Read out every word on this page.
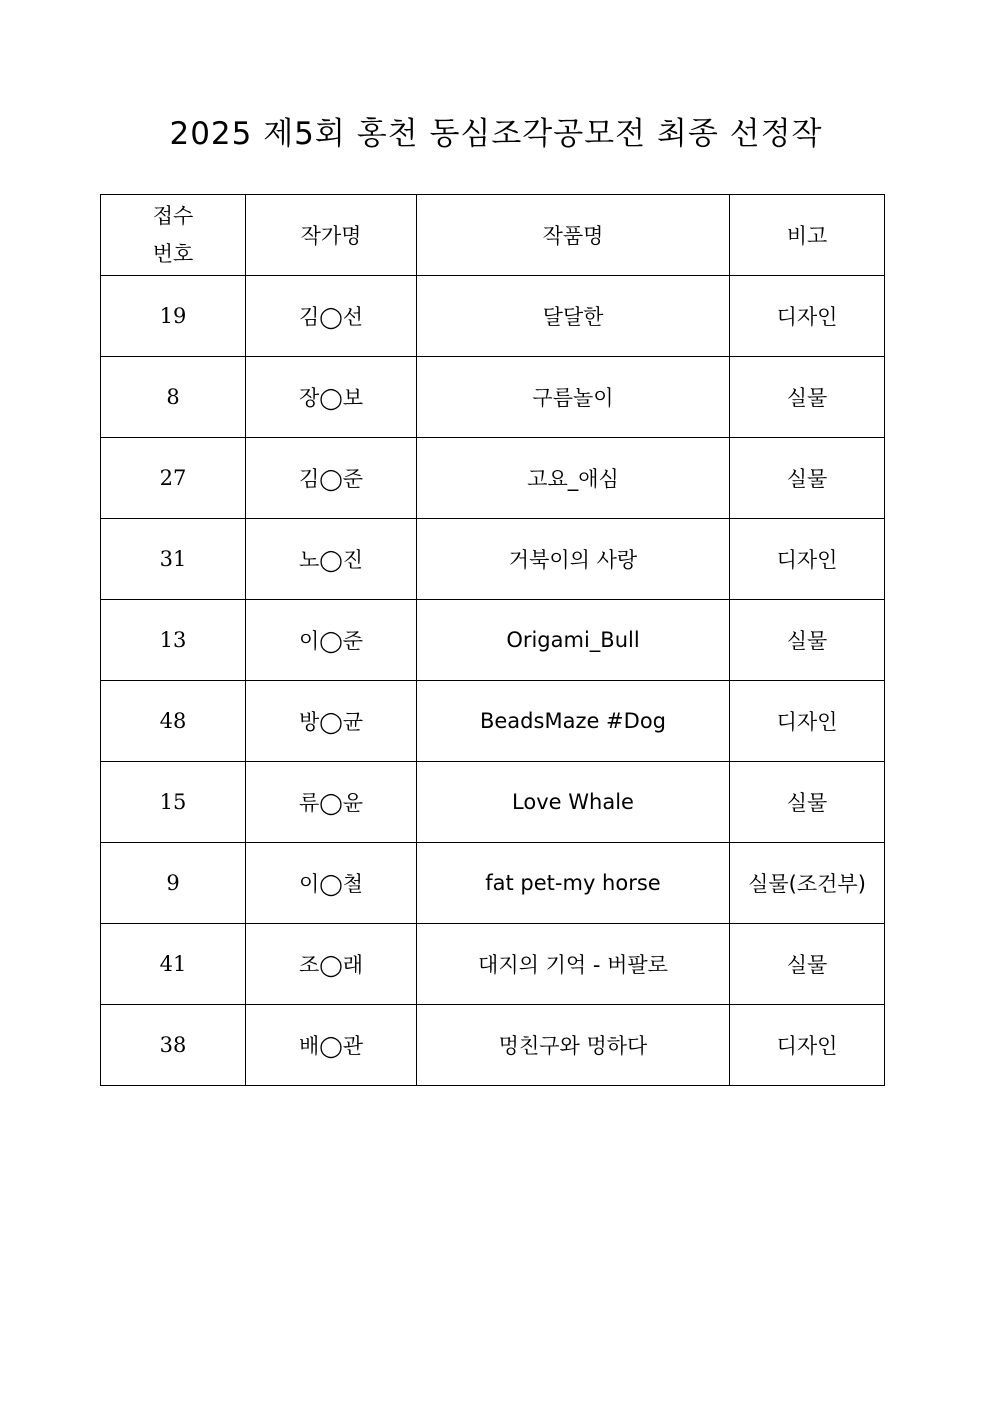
2025 제5회 홍천 동심조각공모전 최종 선정작
접수
번호	작가명	작품명	비고
19	김◯선	달달한	디자인
8	장◯보	구름놀이	실물
27	김◯준	고요_애심	실물
31	노◯진	거북이의 사랑	디자인
13	이◯준	Origami_Bull	실물
48	방◯균	BeadsMaze #Dog	디자인
15	류◯윤	Love Whale	실물
9	이◯철	fat pet-my horse	실물(조건부)
41	조◯래	대지의 기억 - 버팔로	실물
38	배◯관	멍친구와 멍하다	디자인
